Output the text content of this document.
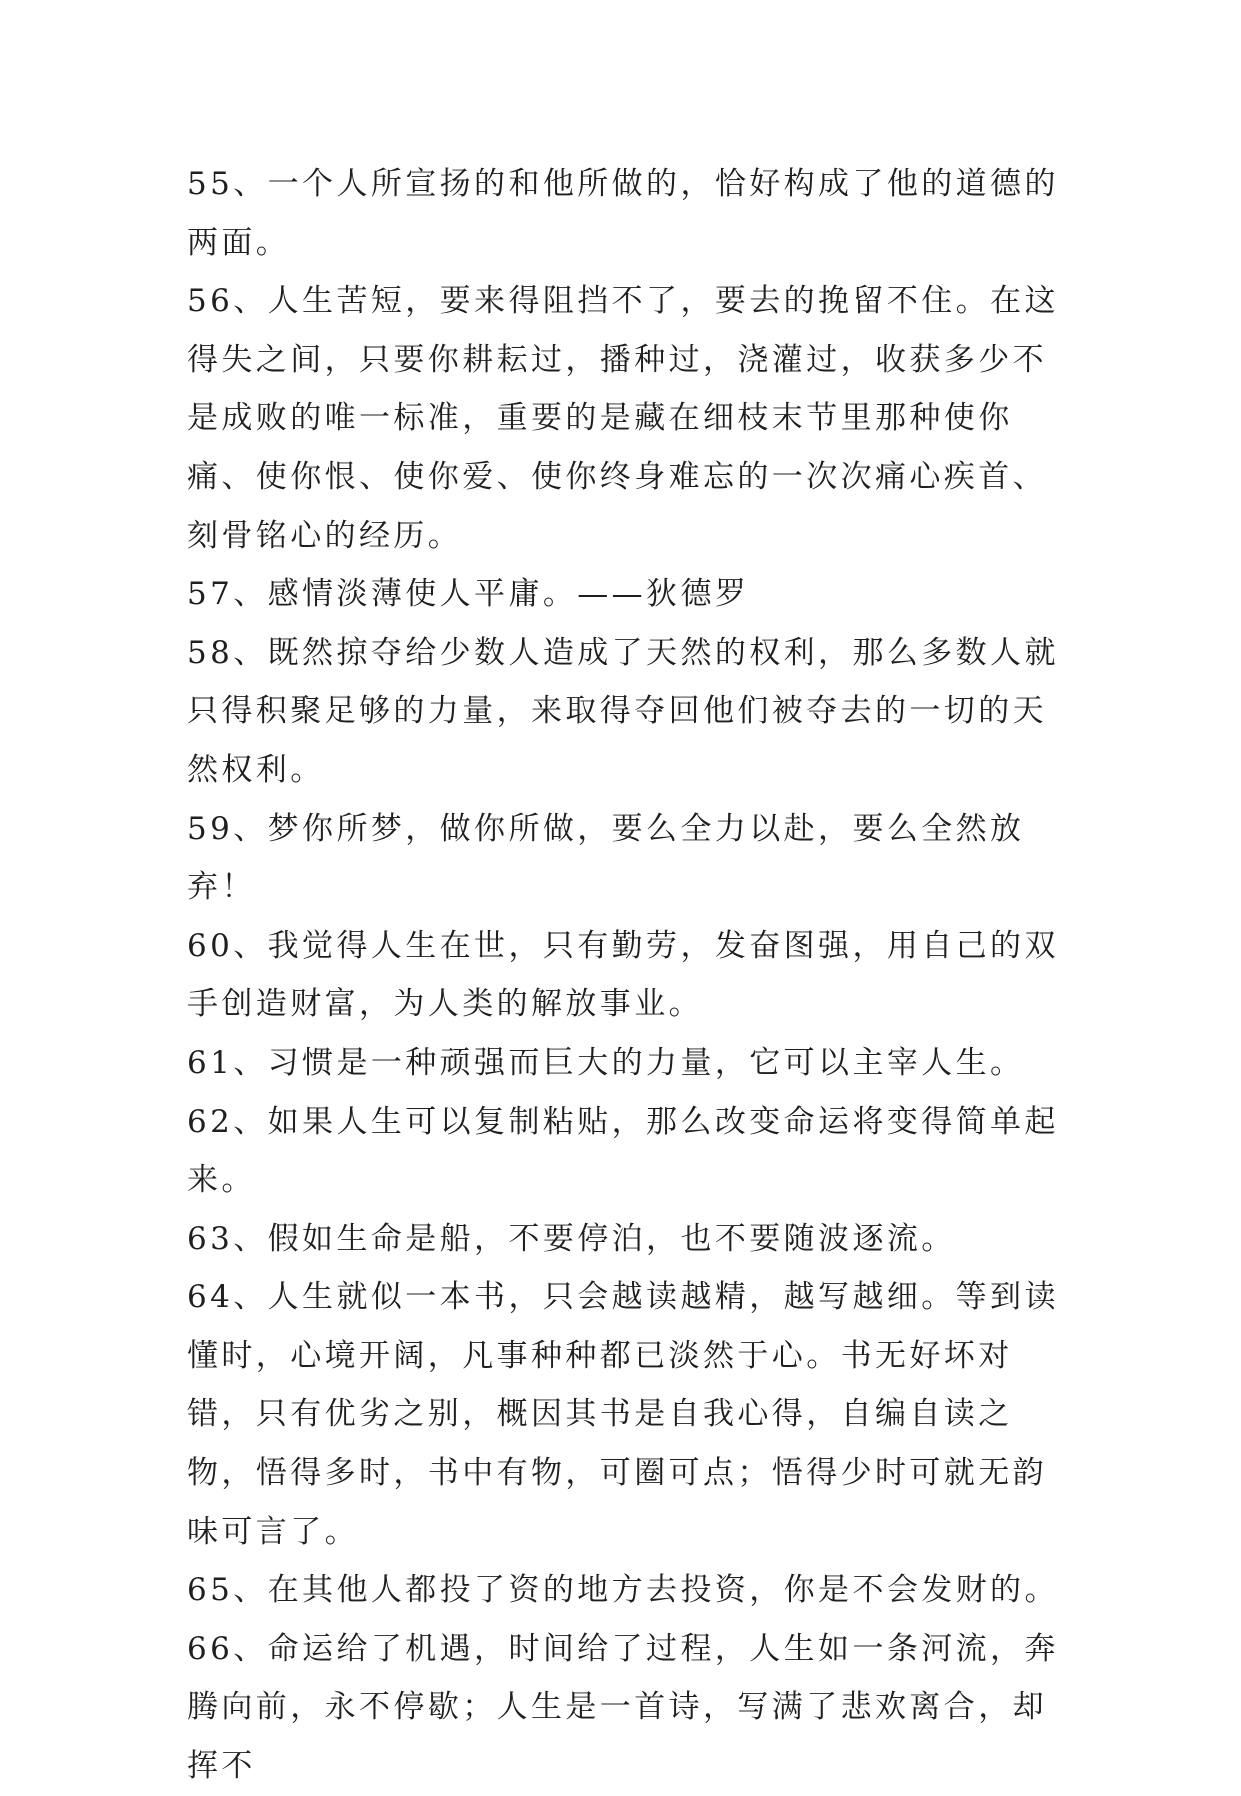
55、一个人所宣扬的和他所做的，恰好构成了他的道德的两面。

56、人生苦短，要来得阻挡不了，要去的挽留不住。在这得失之间，只要你耕耘过，播种过，浇灌过，收获多少不是成败的唯一标准，重要的是藏在细枝末节里那种使你痛、使你恨、使你爱、使你终身难忘的一次次痛心疾首、刻骨铭心的经历。

57、感情淡薄使人平庸。——狄德罗

58、既然掠夺给少数人造成了天然的权利，那么多数人就只得积聚足够的力量，来取得夺回他们被夺去的一切的天然权利。

59、梦你所梦，做你所做，要么全力以赴，要么全然放弃！

60、我觉得人生在世，只有勤劳，发奋图强，用自己的双手创造财富，为人类的解放事业。

61、习惯是一种顽强而巨大的力量，它可以主宰人生。

62、如果人生可以复制粘贴，那么改变命运将变得简单起来。

63、假如生命是船，不要停泊，也不要随波逐流。

64、人生就似一本书，只会越读越精，越写越细。等到读懂时，心境开阔，凡事种种都已淡然于心。书无好坏对错，只有优劣之别，概因其书是自我心得，自编自读之物，悟得多时，书中有物，可圈可点；悟得少时可就无韵味可言了。

65、在其他人都投了资的地方去投资，你是不会发财的。

66、命运给了机遇，时间给了过程，人生如一条河流，奔腾向前，永不停歇；人生是一首诗，写满了悲欢离合，却挥不
